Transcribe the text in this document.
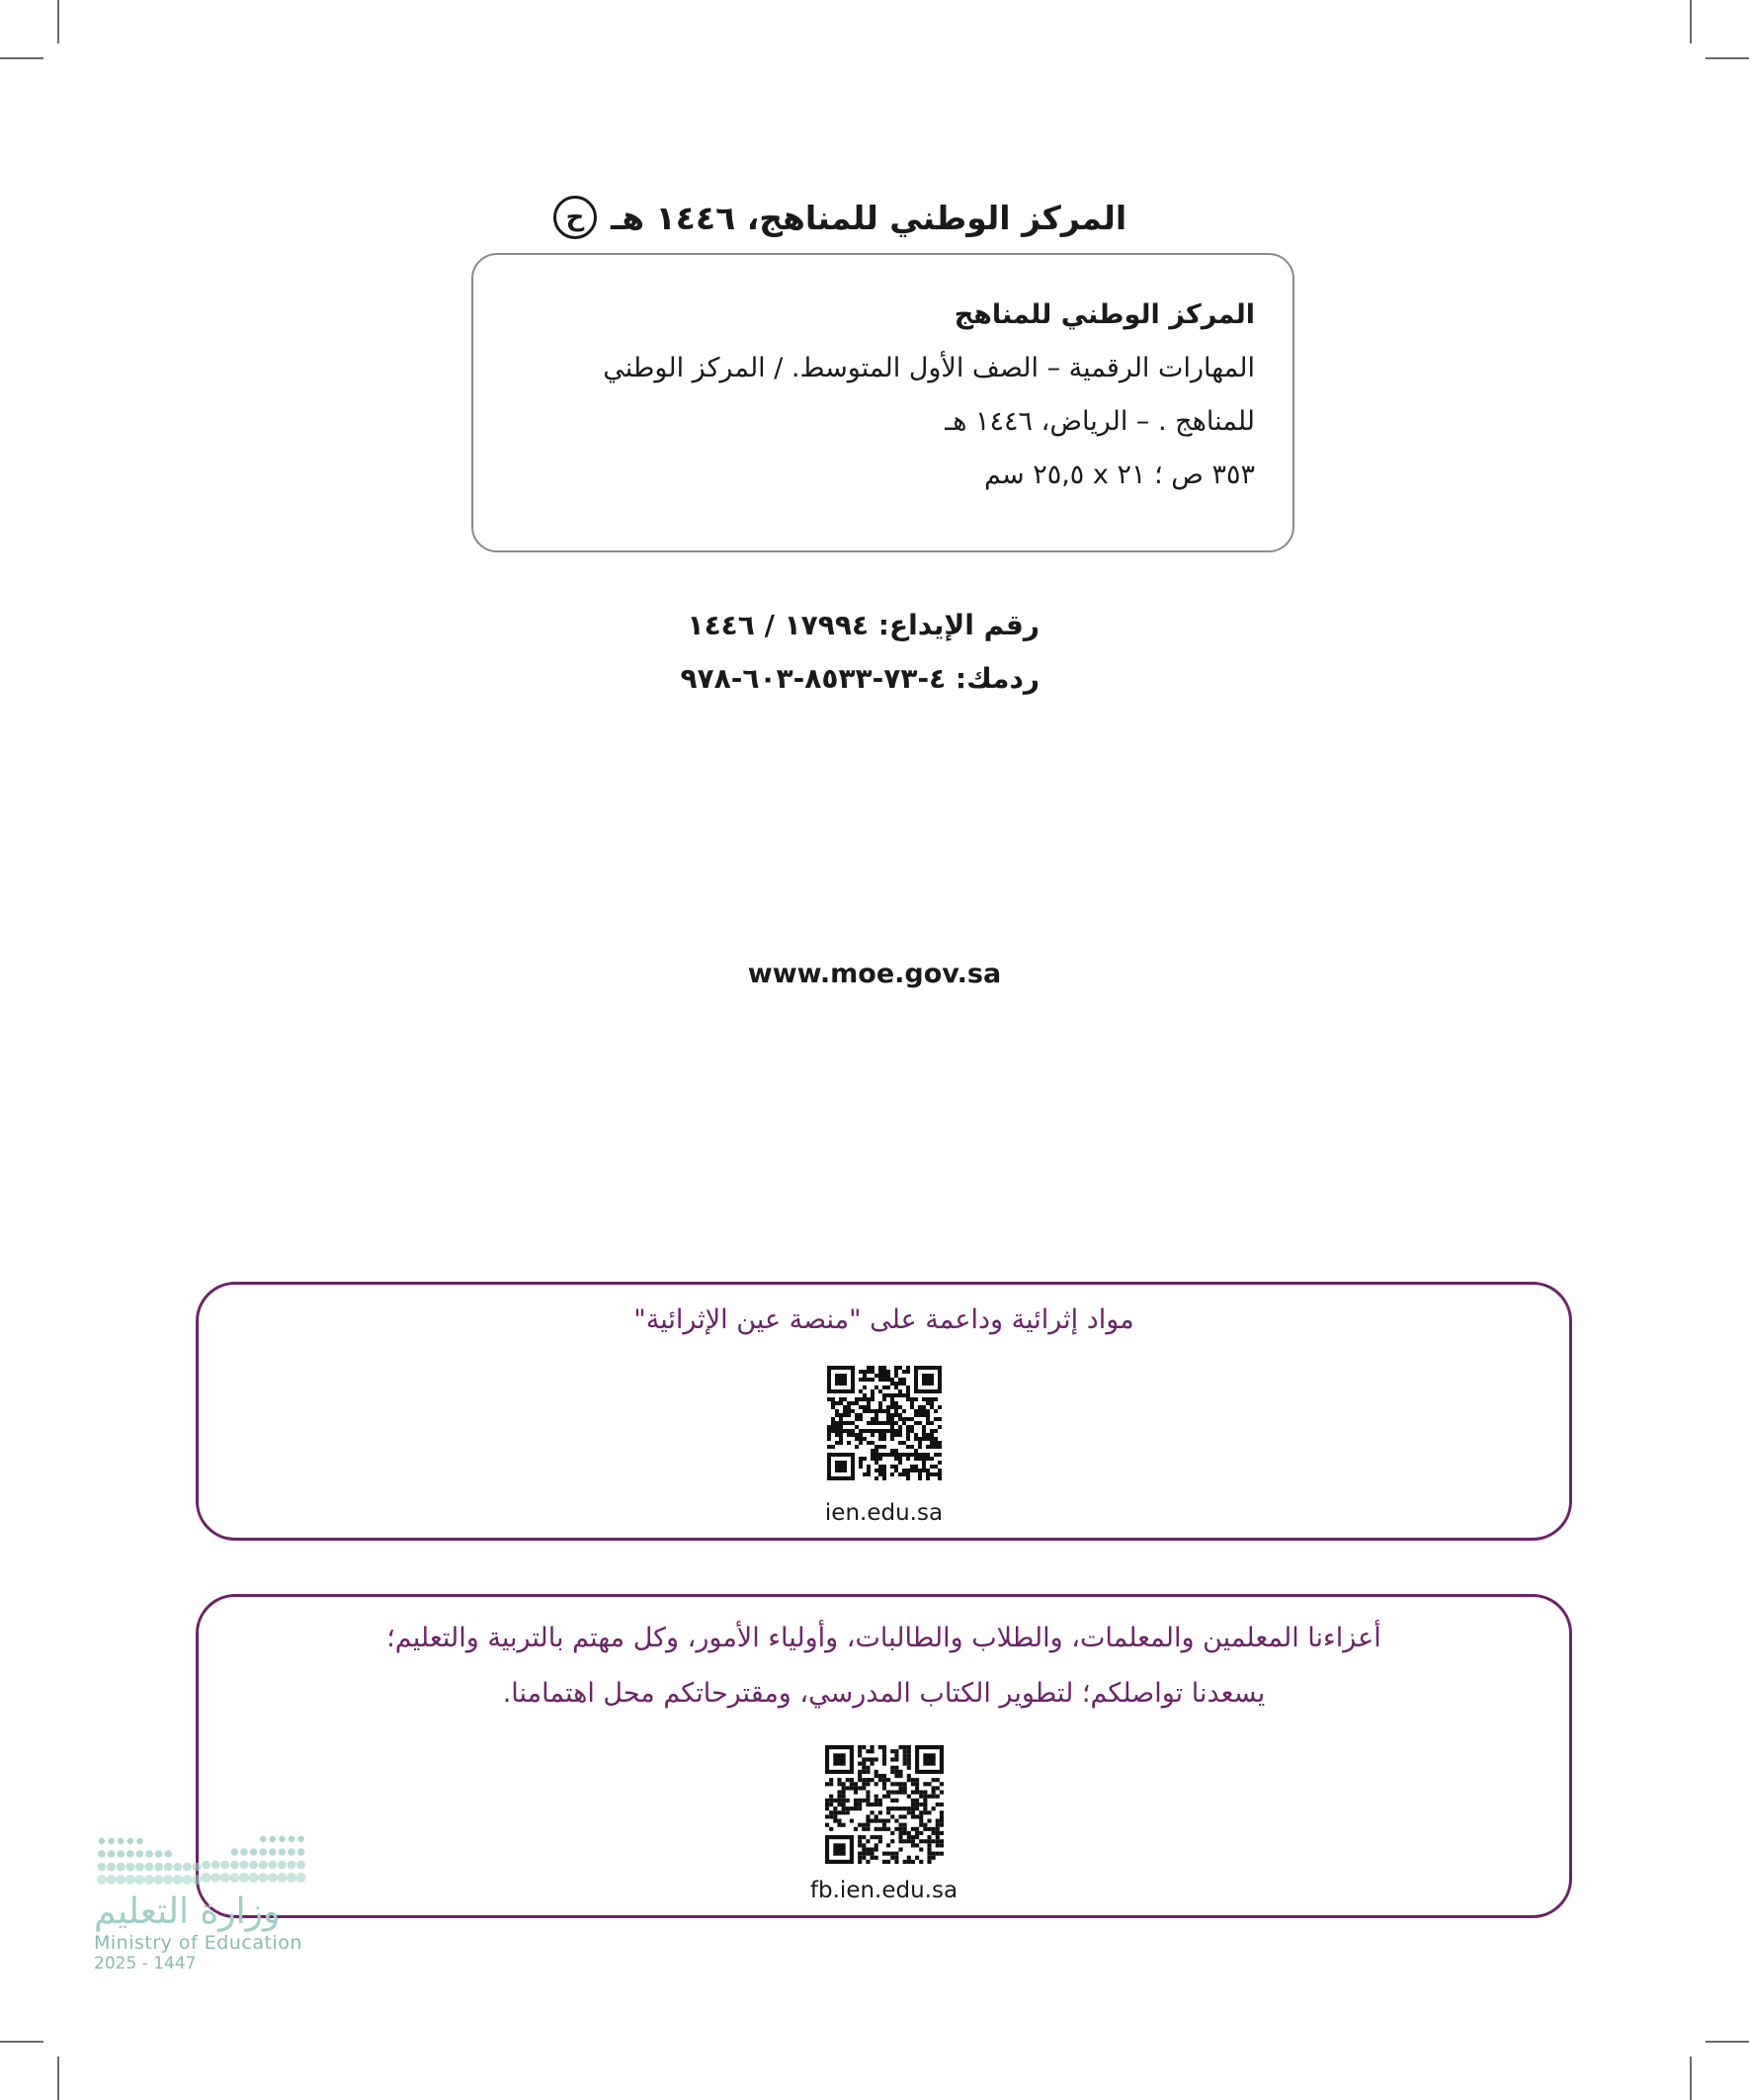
ح المركز الوطني للمناهج، ١٤٤٦ هـ
المركز الوطني للمناهج
المهارات الرقمية – الصف الأول المتوسط. / المركز الوطني
للمناهج . – الرياض، ١٤٤٦ هـ
٣٥٣ ص ؛ ٢١ x ٢٥,٥ سم
رقم الإيداع: ١٧٩٩٤ / ١٤٤٦
ردمك: ٤-٧٣-٨٥٣٣-٦٠٣-٩٧٨
www.moe.gov.sa
مواد إثرائية وداعمة على "منصة عين الإثرائية"
ien.edu.sa
أعزاءنا المعلمين والمعلمات، والطلاب والطالبات، وأولياء الأمور، وكل مهتم بالتربية والتعليم؛
يسعدنا تواصلكم؛ لتطوير الكتاب المدرسي، ومقترحاتكم محل اهتمامنا.
fb.ien.edu.sa
وزارة التعليم
Ministry of Education
2025 - 1447
